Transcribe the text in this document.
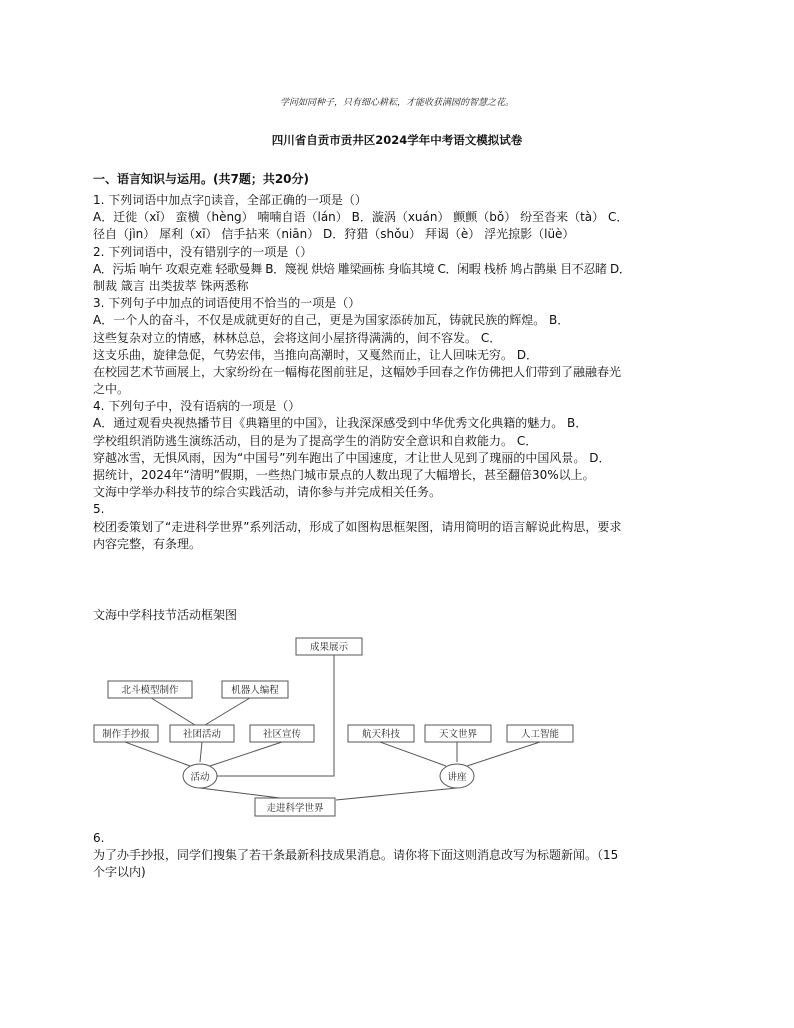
学问如同种子，只有细心耕耘，才能收获满园的智慧之花。
四川省自贡市贡井区2024学年中考语文模拟试卷
一、语言知识与运用。(共7题；共20分)
1. 下列词语中加点字▯读音，全部正确的一项是（）
A．迁徙（xǐ） 蛮横（hèng） 喃喃自语（lán） B．漩涡（xuán） 颤颤（bǒ） 纷至沓来（tà） C．
径自（jìn） 犀利（xī） 信手拈来（niān） D．狩猎（shǒu） 拜谒（è） 浮光掠影（lüè）
2. 下列词语中，没有错别字的一项是（）
A．污垢 响午 攻艰克难 轻歌曼舞 B．篾视 烘焙 雕梁画栋 身临其境 C．闲暇 栈桥 鸠占鹊巢 目不忍睹 D．
制裁 箴言 出类拔萃 铢两悉称
3. 下列句子中加点的词语使用不恰当的一项是（）
A．一个人的奋斗，不仅是成就更好的自己，更是为国家添砖加瓦，铸就民族的辉煌。 B．
这些复杂对立的情感，林林总总，会将这间小屋挤得满满的，间不容发。 C．
这支乐曲，旋律急促，气势宏伟，当推向高潮时，又戛然而止，让人回味无穷。 D．
在校园艺术节画展上，大家纷纷在一幅梅花图前驻足，这幅妙手回春之作仿佛把人们带到了融融春光
之中。
4. 下列句子中，没有语病的一项是（）
A．通过观看央视热播节目《典籍里的中国》，让我深深感受到中华优秀文化典籍的魅力。 B．
学校组织消防逃生演练活动，目的是为了提高学生的消防安全意识和自救能力。 C．
穿越冰雪，无惧风雨，因为“中国号”列车跑出了中国速度，才让世人见到了瑰丽的中国风景。 D．
据统计，2024年“清明”假期，一些热门城市景点的人数出现了大幅增长，甚至翻倍30%以上。
文海中学举办科技节的综合实践活动，请你参与并完成相关任务。
5.
校团委策划了“走进科学世界”系列活动，形成了如图构思框架图，请用简明的语言解说此构思，要求
内容完整，有条理。
文海中学科技节活动框架图
成果展示
北斗模型制作	机器人编程
制作手抄报	社团活动	社区宣传	航天科技	天文世界	人工智能
活动	讲座
走进科学世界
6.
为了办手抄报，同学们搜集了若干条最新科技成果消息。请你将下面这则消息改写为标题新闻。（15
个字以内)
